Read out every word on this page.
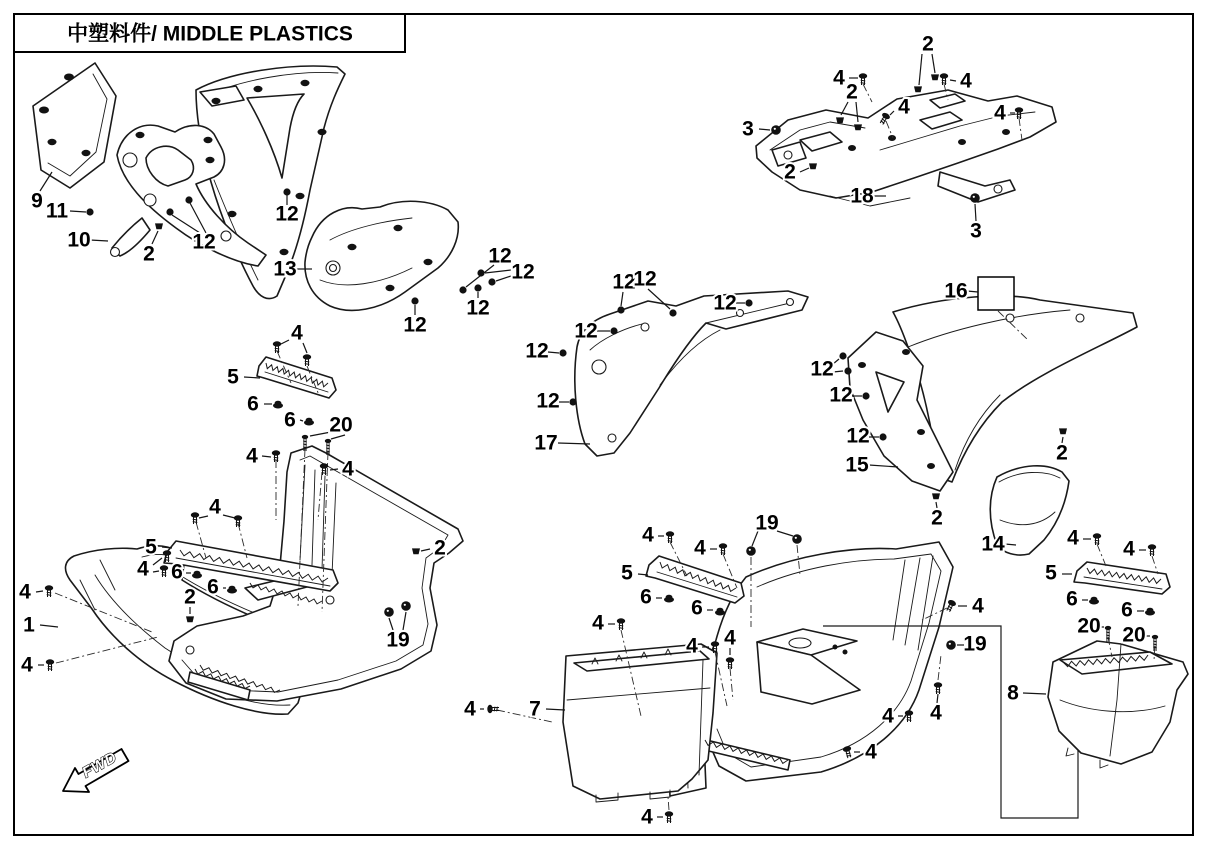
9 11
10
2
12
12
13
12
12
12
12
2
4
2	4
4	4
3
2
18
3
12
12
12
12
12
12
17
16
12
12
12
15
2
2
14
4
5
6
6 20
4
4
4
5
4 6
6
2
1
4
4
19
2
4
4
19
5
6 6
4
4 4
4	7
4
4
19
4 4
4
8
4 4
5
6 6
20 20
中塑料件/ MIDDLE PLASTICS
FWD
